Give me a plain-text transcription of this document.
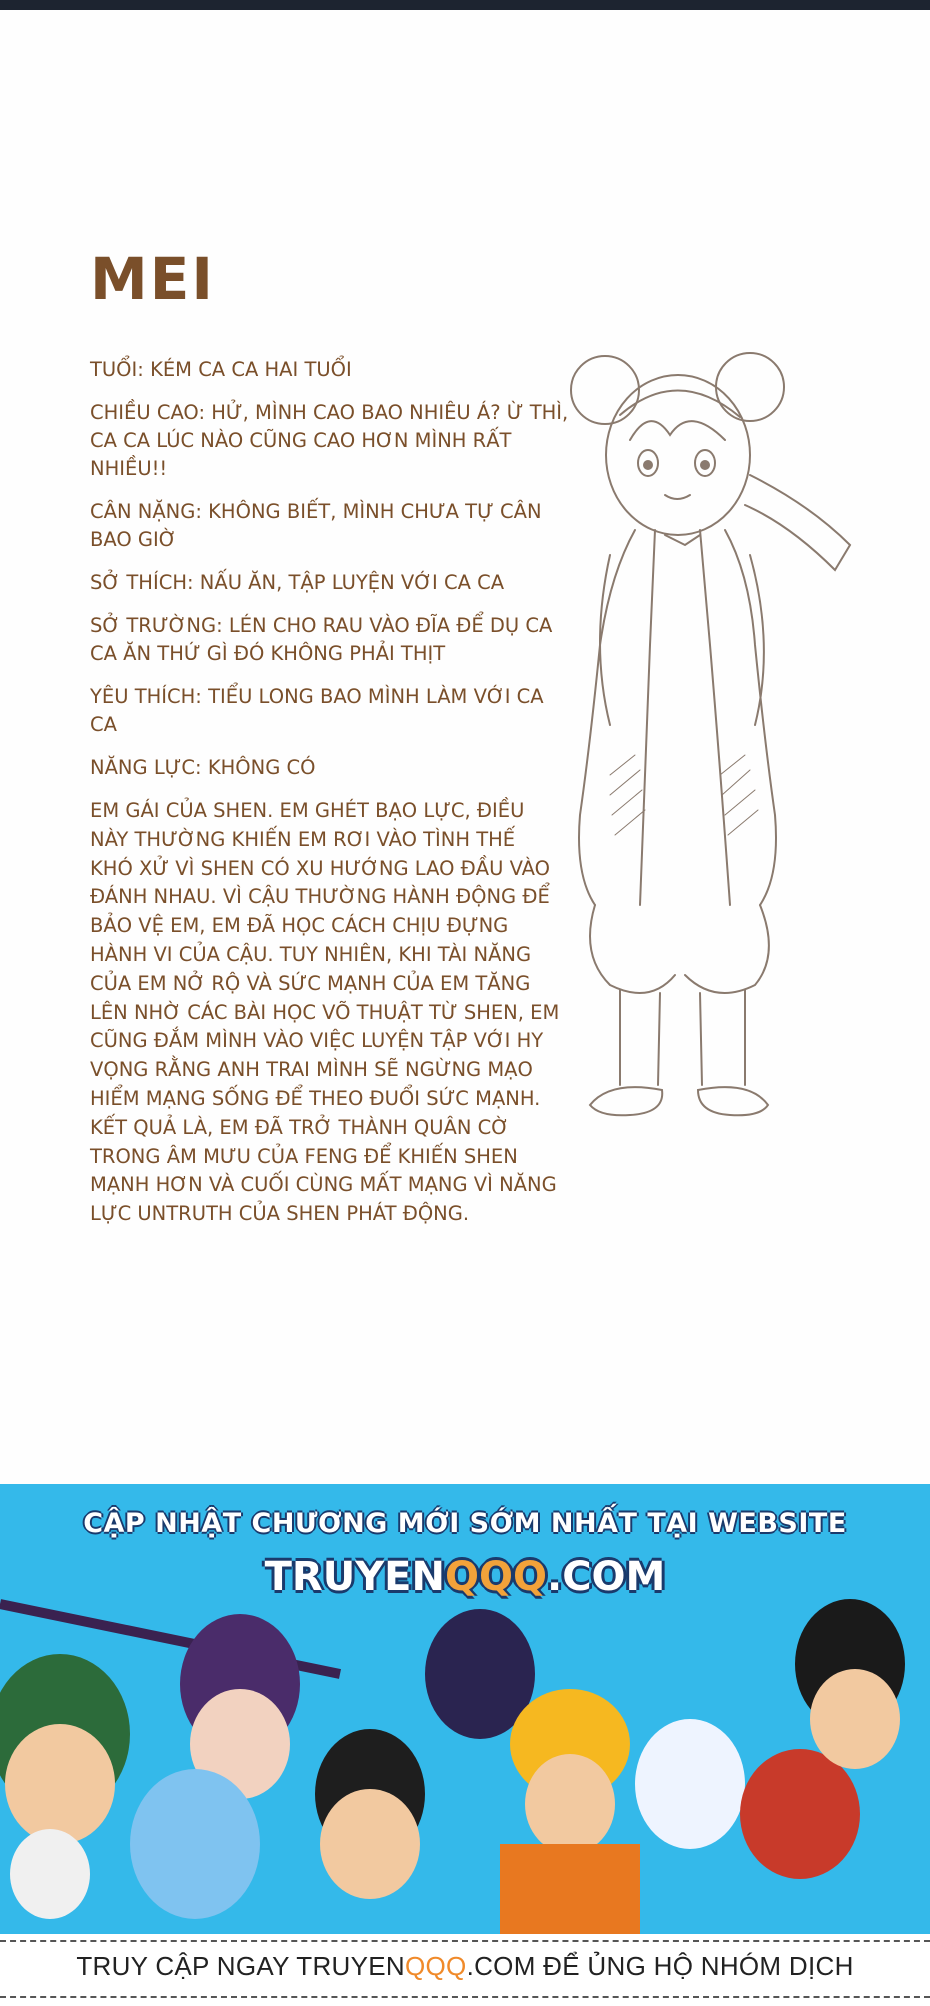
MEI
TUỔI: KÉM CA CA HAI TUỔI
CHIỀU CAO: HỬ, MÌNH CAO BAO NHIÊU Á? Ừ THÌ, CA CA LÚC NÀO CŨNG CAO HƠN MÌNH RẤT NHIỀU!!
CÂN NẶNG: KHÔNG BIẾT, MÌNH CHƯA TỰ CÂN BAO GIỜ
SỞ THÍCH: NẤU ĂN, TẬP LUYỆN VỚI CA CA
SỞ TRƯỜNG: LÉN CHO RAU VÀO ĐĨA ĐỂ DỤ CA CA ĂN THỨ GÌ ĐÓ KHÔNG PHẢI THỊT
YÊU THÍCH: TIỂU LONG BAO MÌNH LÀM VỚI CA CA
NĂNG LỰC: KHÔNG CÓ
EM GÁI CỦA SHEN. EM GHÉT BẠO LỰC, ĐIỀU NÀY THƯỜNG KHIẾN EM RƠI VÀO TÌNH THẾ KHÓ XỬ VÌ SHEN CÓ XU HƯỚNG LAO ĐẦU VÀO ĐÁNH NHAU. VÌ CẬU THƯỜNG HÀNH ĐỘNG ĐỂ BẢO VỆ EM, EM ĐÃ HỌC CÁCH CHỊU ĐỰNG HÀNH VI CỦA CẬU. TUY NHIÊN, KHI TÀI NĂNG CỦA EM NỞ RỘ VÀ SỨC MẠNH CỦA EM TĂNG LÊN NHỜ CÁC BÀI HỌC VÕ THUẬT TỪ SHEN, EM CŨNG ĐẮM MÌNH VÀO VIỆC LUYỆN TẬP VỚI HY VỌNG RẰNG ANH TRAI MÌNH SẼ NGỪNG MẠO HIỂM MẠNG SỐNG ĐỂ THEO ĐUỔI SỨC MẠNH. KẾT QUẢ LÀ, EM ĐÃ TRỞ THÀNH QUÂN CỜ TRONG ÂM MƯU CỦA FENG ĐỂ KHIẾN SHEN MẠNH HƠN VÀ CUỐI CÙNG MẤT MẠNG VÌ NĂNG LỰC UNTRUTH CỦA SHEN PHÁT ĐỘNG.
CẬP NHẬT CHƯƠNG MỚI SỚM NHẤT TẠI WEBSITE
TRUYENQQQ.COM
TRUY CẬP NGAY TRUYENQQQ.COM ĐỂ ỦNG HỘ NHÓM DỊCH
